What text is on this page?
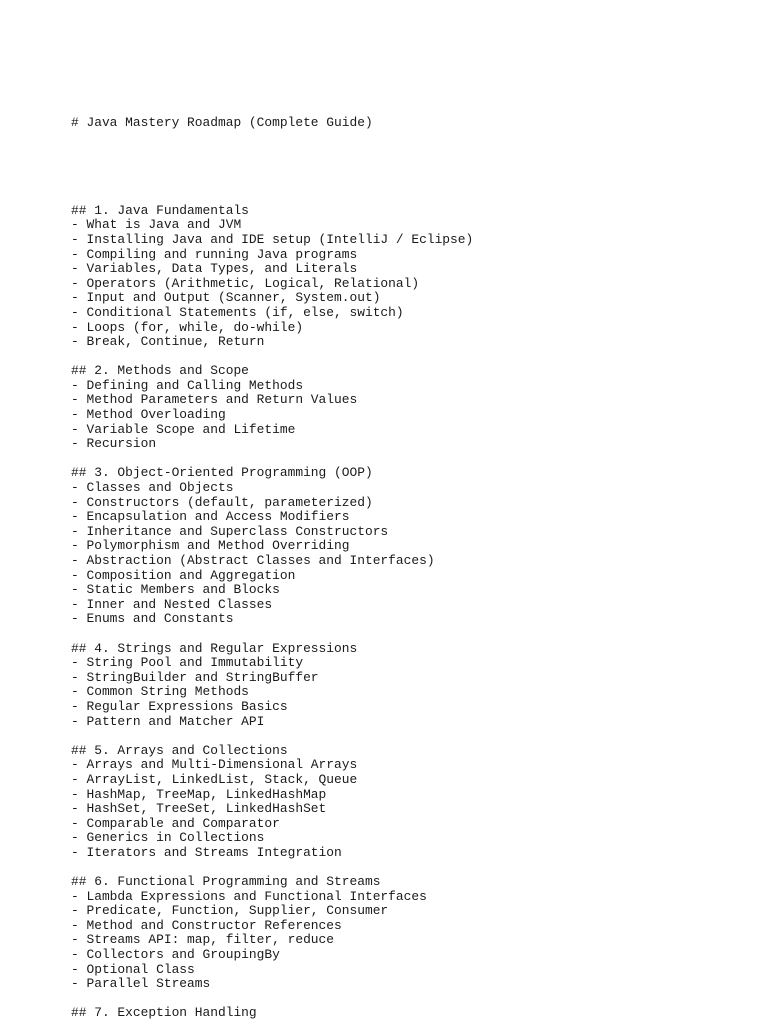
# Java Mastery Roadmap (Complete Guide)

## 1. Java Fundamentals
- What is Java and JVM
- Installing Java and IDE setup (IntelliJ / Eclipse)
- Compiling and running Java programs
- Variables, Data Types, and Literals
- Operators (Arithmetic, Logical, Relational)
- Input and Output (Scanner, System.out)
- Conditional Statements (if, else, switch)
- Loops (for, while, do-while)
- Break, Continue, Return
## 2. Methods and Scope
- Defining and Calling Methods
- Method Parameters and Return Values
- Method Overloading
- Variable Scope and Lifetime
- Recursion
## 3. Object-Oriented Programming (OOP)
- Classes and Objects
- Constructors (default, parameterized)
- Encapsulation and Access Modifiers
- Inheritance and Superclass Constructors
- Polymorphism and Method Overriding
- Abstraction (Abstract Classes and Interfaces)
- Composition and Aggregation
- Static Members and Blocks
- Inner and Nested Classes
- Enums and Constants
## 4. Strings and Regular Expressions
- String Pool and Immutability
- StringBuilder and StringBuffer
- Common String Methods
- Regular Expressions Basics
- Pattern and Matcher API
## 5. Arrays and Collections
- Arrays and Multi-Dimensional Arrays
- ArrayList, LinkedList, Stack, Queue
- HashMap, TreeMap, LinkedHashMap
- HashSet, TreeSet, LinkedHashSet
- Comparable and Comparator
- Generics in Collections
- Iterators and Streams Integration
## 6. Functional Programming and Streams
- Lambda Expressions and Functional Interfaces
- Predicate, Function, Supplier, Consumer
- Method and Constructor References
- Streams API: map, filter, reduce
- Collectors and GroupingBy
- Optional Class
- Parallel Streams
## 7. Exception Handling
